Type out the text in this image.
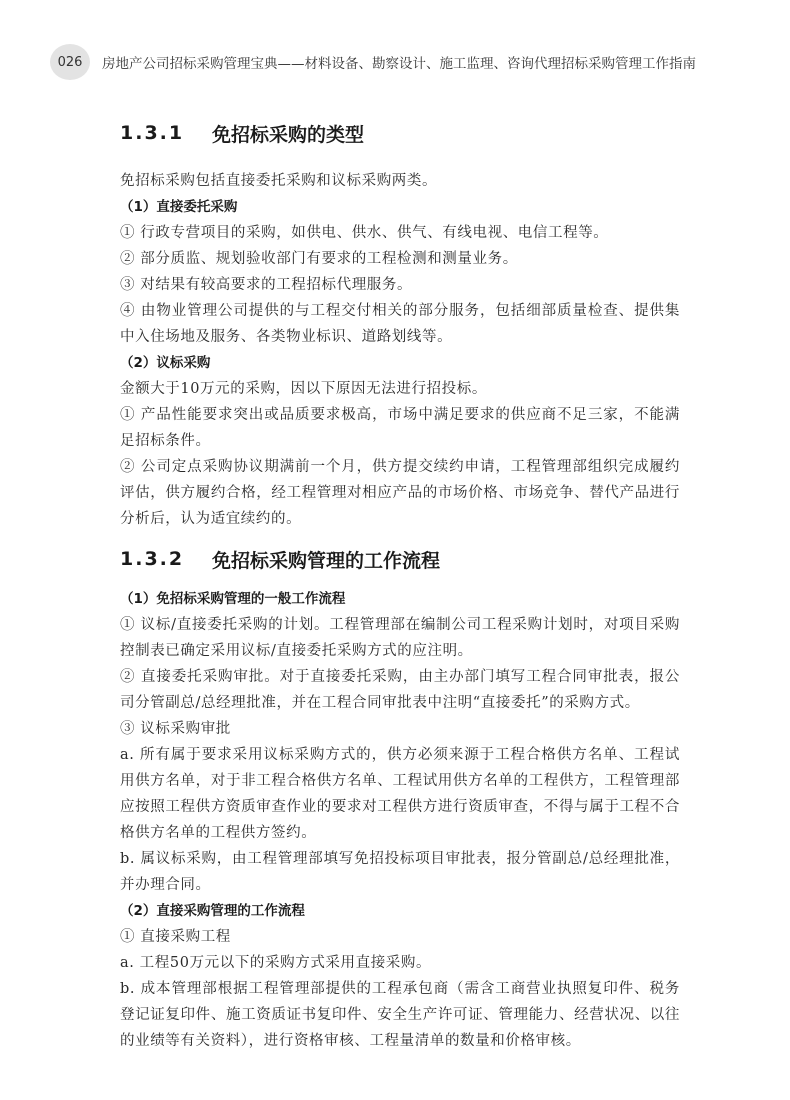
026	房地产公司招标采购管理宝典——材料设备、勘察设计、施工监理、咨询代理招标采购管理工作指南
1.3.1	免招标采购的类型

免招标采购包括直接委托采购和议标采购两类。

（1）直接委托采购

① 行政专营项目的采购，如供电、供水、供气、有线电视、电信工程等。

② 部分质监、规划验收部门有要求的工程检测和测量业务。

③ 对结果有较高要求的工程招标代理服务。

④ 由物业管理公司提供的与工程交付相关的部分服务，包括细部质量检查、提供集中入住场地及服务、各类物业标识、道路划线等。

（2）议标采购

金额大于10万元的采购，因以下原因无法进行招投标。

① 产品性能要求突出或品质要求极高，市场中满足要求的供应商不足三家，不能满足招标条件。

② 公司定点采购协议期满前一个月，供方提交续约申请，工程管理部组织完成履约评估，供方履约合格，经工程管理对相应产品的市场价格、市场竞争、替代产品进行分析后，认为适宜续约的。

1.3.2	免招标采购管理的工作流程
（1）免招标采购管理的一般工作流程

① 议标/直接委托采购的计划。工程管理部在编制公司工程采购计划时，对项目采购控制表已确定采用议标/直接委托采购方式的应注明。

② 直接委托采购审批。对于直接委托采购，由主办部门填写工程合同审批表，报公司分管副总/总经理批准，并在工程合同审批表中注明“直接委托”的采购方式。

③ 议标采购审批

a. 所有属于要求采用议标采购方式的，供方必须来源于工程合格供方名单、工程试用供方名单，对于非工程合格供方名单、工程试用供方名单的工程供方，工程管理部应按照工程供方资质审查作业的要求对工程供方进行资质审查，不得与属于工程不合格供方名单的工程供方签约。

b. 属议标采购，由工程管理部填写免招投标项目审批表，报分管副总/总经理批准，并办理合同。

（2）直接采购管理的工作流程

① 直接采购工程

a. 工程50万元以下的采购方式采用直接采购。

b. 成本管理部根据工程管理部提供的工程承包商（需含工商营业执照复印件、税务登记证复印件、施工资质证书复印件、安全生产许可证、管理能力、经营状况、以往的业绩等有关资料），进行资格审核、工程量清单的数量和价格审核。
